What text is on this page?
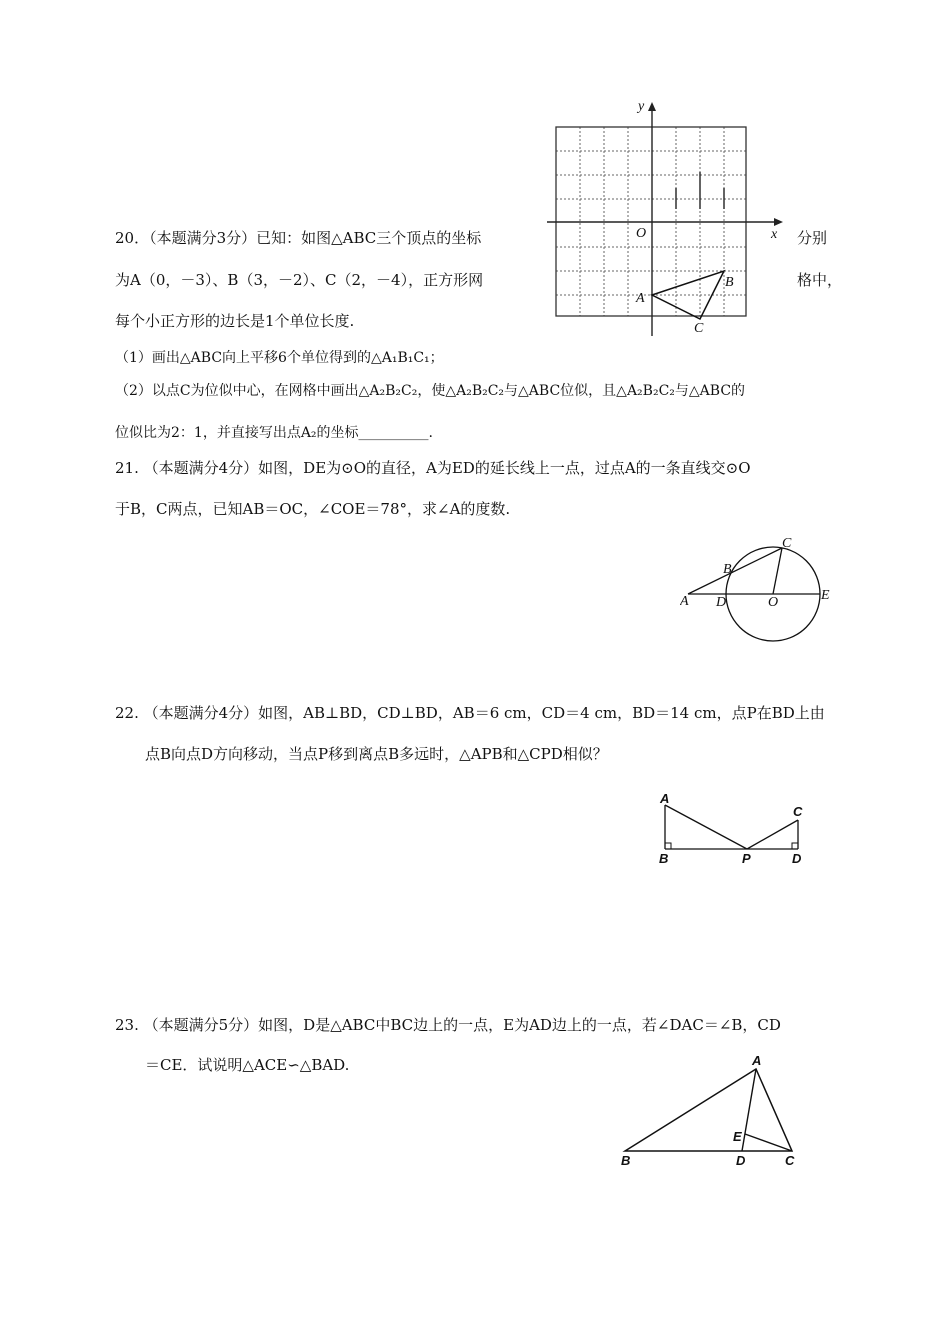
20．（本题满分3分）已知：如图△ABC三个顶点的坐标	分别
为A（0，－3）、B（3，－2）、C（2，－4），正方形网	格中，
每个小正方形的边长是1个单位长度.
（1）画出△ABC向上平移6个单位得到的△A₁B₁C₁；
（2）以点C为位似中心，在网格中画出△A₂B₂C₂，使△A₂B₂C₂与△ABC位似，且△A₂B₂C₂与△ABC的
位似比为2：1，并直接写出点A₂的坐标__________.
y
x
O
A
B
C
21. （本题满分4分）如图，DE为⊙O的直径，A为ED的延长线上一点，过点A的一条直线交⊙O
于B，C两点，已知AB＝OC，∠COE＝78°，求∠A的度数.
A
B
C
D	O	E
22. （本题满分4分）如图，AB⊥BD，CD⊥BD，AB＝6 cm，CD＝4 cm，BD＝14 cm，点P在BD上由
点B向点D方向移动，当点P移到离点B多远时，△APB和△CPD相似？
A
B
C
D
P
23. （本题满分5分）如图，D是△ABC中BC边上的一点，E为AD边上的一点，若∠DAC＝∠B，CD
＝CE．试说明△ACE∽△BAD.	A
B	C
D
E
